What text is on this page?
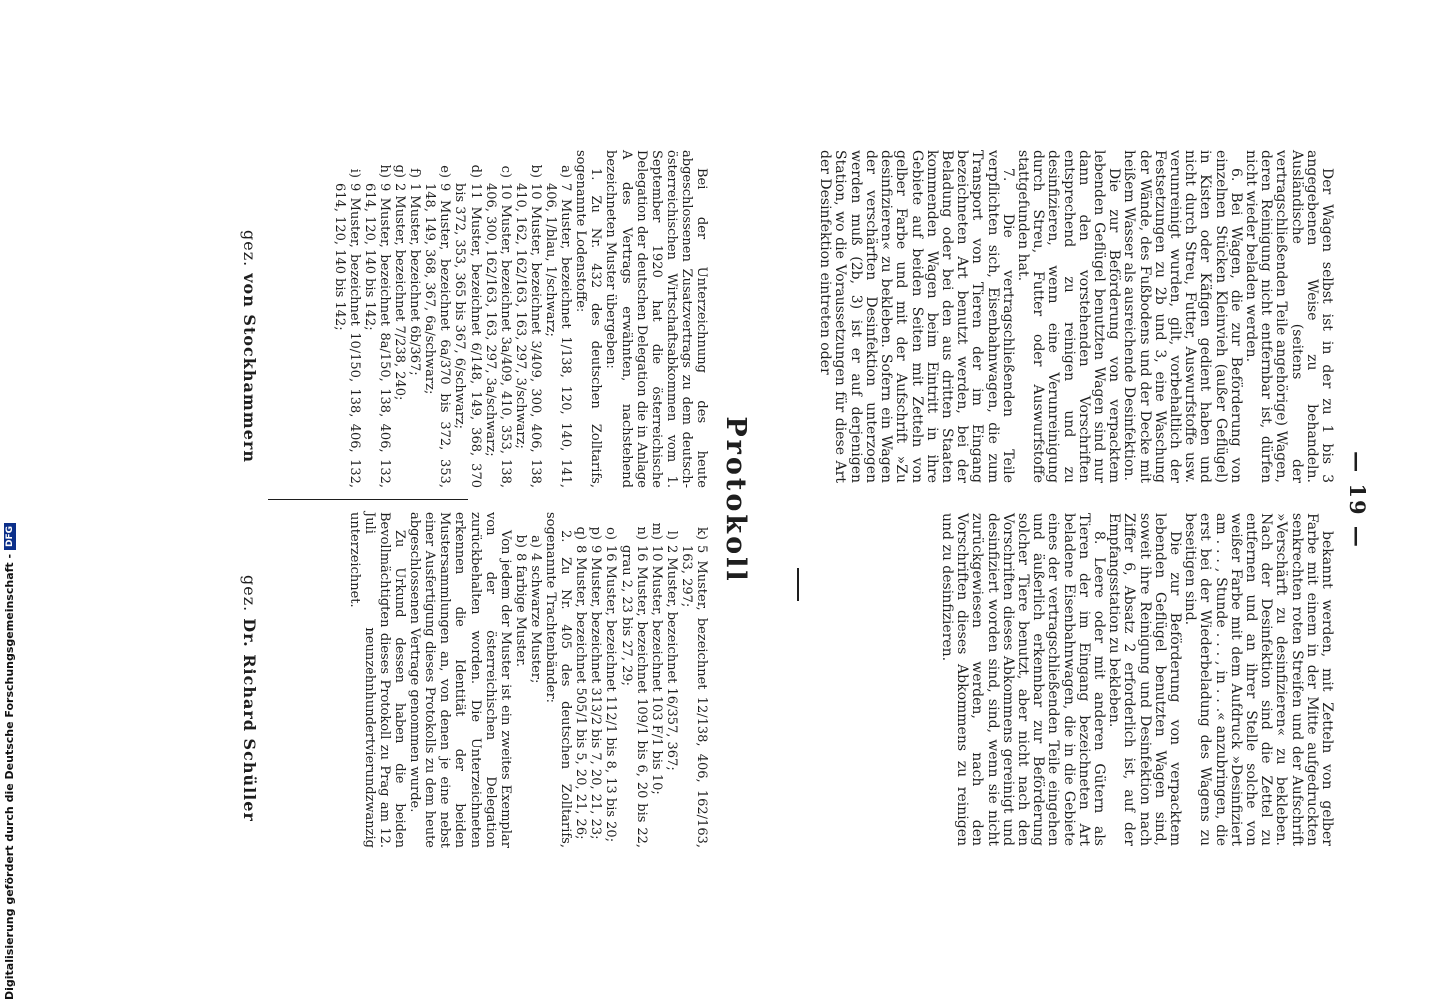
— 19 —

Der Wagen selbst ist in der zu 1 bis 3 angegebenen Weise zu behandeln. Ausländische (seitens der vertragschließenden Teile angehörige) Wagen, deren Reinigung nicht entfernbar ist, dürfen nicht wieder beladen werden.

6. Bei Wagen, die zur Beförderung von einzelnen Stücken Kleinvieh (außer Geflügel) in Kisten oder Käfigen gedient haben und nicht durch Streu, Futter, Auswurfstoffe usw. verunreinigt wurden, gilt, vorbehaltlich der Festsetzungen zu 2b und 3, eine Waschung der Wände, des Fußbodens und der Decke mit heißem Wasser als ausreichende Desinfektion.

Die zur Beförderung von verpacktem lebenden Geflügel benutzten Wagen sind nur dann den vorstehenden Vorschriften entsprechend zu reinigen und zu desinfizieren, wenn eine Verunreinigung durch Streu, Futter oder Auswurfstoffe stattgefunden hat.

7. Die vertragschließenden Teile verpflichten sich, Eisenbahnwagen, die zum Transport von Tieren der im Eingang bezeichneten Art benutzt werden, bei der Beladung oder bei den aus dritten Staaten kommenden Wagen beim Eintritt in ihre Gebiete auf beiden Seiten mit Zetteln von gelber Farbe und mit der Aufschrift »Zu desinfizieren« zu bekleben. Sofern ein Wagen der verschärften Desinfektion unterzogen werden muß (2b, 3) ist er auf derjenigen Station, wo die Voraussetzungen für diese Art der Desinfektion eintreten oder

bekannt werden, mit Zetteln von gelber Farbe mit einem in der Mitte aufgedruckten senkrechten roten Streifen und der Aufschrift »Verschärft zu desinfizieren« zu bekleben. Nach der Desinfektion sind die Zettel zu entfernen und an ihrer Stelle solche von weißer Farbe mit dem Aufdruck »Desinfiziert am . . . , Stunde . . . , in . . .« anzubringen, die erst bei der Wiederbeladung des Wagens zu beseitigen sind.

Die zur Beförderung von verpacktem lebenden Geflügel benutzten Wagen sind, soweit ihre Reinigung und Desinfektion nach Ziffer 6, Absatz 2 erforderlich ist, auf der Empfangsstation zu bekleben.

8. Leere oder mit anderen Gütern als Tieren der im Eingang bezeichneten Art beladene Eisenbahnwagen, die in die Gebiete eines der vertragschließenden Teile eingehen und äußerlich erkennbar zur Beförderung solcher Tiere benutzt, aber nicht nach den Vorschriften dieses Abkommens gereinigt und desinfiziert worden sind, sind, wenn sie nicht zurückgewiesen werden, nach den Vorschriften dieses Abkommens zu reinigen und zu desinfizieren.

Protokoll

Bei der Unterzeichnung des heute abgeschlossenen Zusatzvertrags zu dem deutsch-österreichischen Wirtschaftsabkommen vom 1. September 1920 hat die österreichische Delegation der deutschen Delegation die in Anlage A des Vertrags erwähnten, nachstehend bezeichneten Muster übergeben:

1. Zu Nr. 432 des deutschen Zolltarifs, sogenannte Lodenstoffe:

a)
7 Muster, bezeichnet 1/138, 120, 140, 141, 406, 1/blau, 1/schwarz;
b)
10 Muster, bezeichnet 3/409, 300, 406, 138, 410, 162, 162/163, 163, 297, 3/schwarz;
c)
10 Muster, bezeichnet 3a/409, 410, 353, 138, 406, 300, 162/163, 163, 297, 3a/schwarz;
d)
11 Muster, bezeichnet 6/148, 149, 368, 370 bis 372, 353, 365 bis 367, 6/schwarz;
e)
9 Muster, bezeichnet 6a/370 bis 372, 353, 148, 149, 368, 367, 6a/schwarz;
f)
1 Muster, bezeichnet 6b/367;
g)
2 Muster, bezeichnet 7/238, 240;
h)
9 Muster, bezeichnet 8a/150, 138, 406, 132, 614, 120, 140 bis 142;
i)
9 Muster, bezeichnet 10/150, 138, 406, 132, 614, 120, 140 bis 142;
k)
5 Muster, bezeichnet 12/138, 406, 162/163, 163, 297;
l)
2 Muster, bezeichnet 16/357, 367;
m)
10 Muster, bezeichnet 103 F/1 bis 10;
n)
16 Muster, bezeichnet 109/1 bis 6, 20 bis 22, grau 2, 23 bis 27, 29;
o)
16 Muster, bezeichnet 112/1 bis 8, 13 bis 20;
p)
9 Muster, bezeichnet 313/2 bis 7, 20, 21, 23;
q)
8 Muster, bezeichnet 505/1 bis 5, 20, 21, 26;

2. Zu Nr. 405 des deutschen Zolltarifs, sogenannte Trachtenbänder:

a)
4 schwarze Muster;
b)
8 farbige Muster.

Von jedem der Muster ist ein zweites Exemplar von der österreichischen Delegation zurückbehalten worden. Die Unterzeichneten erkennen die Identität der beiden Mustersammlungen an, von denen je eine nebst einer Ausfertigung dieses Protokolls zu dem heute abgeschlossenen Vertrage genommen wurde.

Zu Urkund dessen haben die beiden Bevollmächtigten dieses Protokoll zu Prag am 12. Juli neunzehnhundertvierundzwanzig unterzeichnet.

gez.von Stockhammern
gez.Dr. Richard Schüller
Digitalisierung gefördert durch die Deutsche Forschungsgemeinschaft -DFG
